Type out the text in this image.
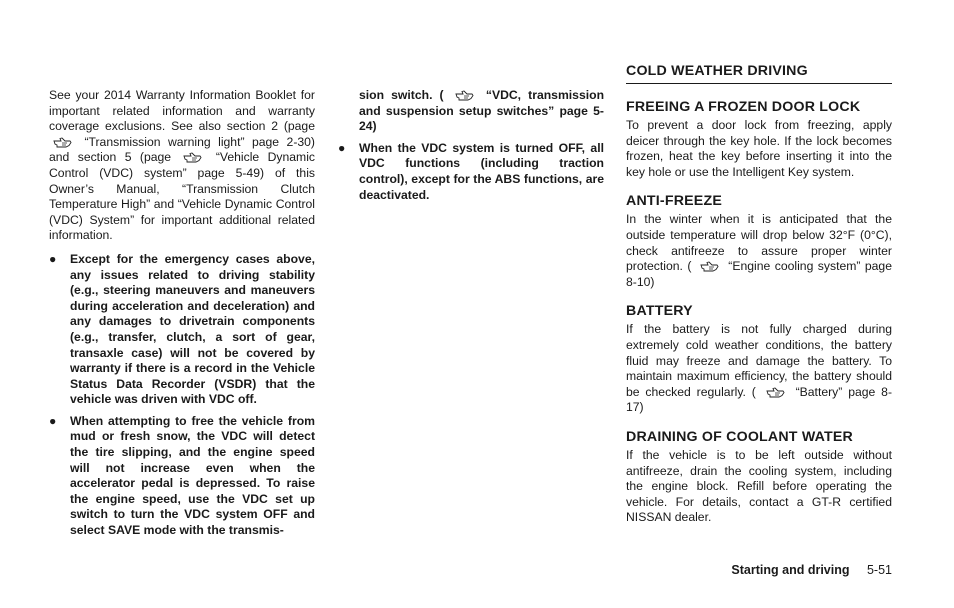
See your 2014 Warranty Information Booklet for important related information and warranty coverage exclusions. See also section 2 (page
“Transmission warning light” page 2-30) and section 5 (page	“Vehicle Dynamic Control (VDC) system” page 5-49) of this Owner’s Manual, “Transmission Clutch Temperature High” and “Vehicle Dynamic Control (VDC) System” for important additional related information.

● Except for the emergency cases above, any issues related to driving stability (e.g., steering maneuvers and maneuvers during acceleration and deceleration) and any damages to drivetrain components (e.g., transfer, clutch, a sort of gear, transaxle case) will not be covered by warranty if there is a record in the Vehicle Status Data Recorder (VSDR) that the vehicle was driven with VDC off.
● When attempting to free the vehicle from mud or fresh snow, the VDC will detect the tire slipping, and the engine speed will not increase even when the accelerator pedal is depressed. To raise the engine speed, use the VDC set up switch to turn the VDC system OFF and select SAVE mode with the transmis-
sion switch. (	“VDC, transmission and suspension setup switches” page 5-24)
● When the VDC system is turned OFF, all VDC functions (including traction control), except for the ABS functions, are deactivated.
COLD WEATHER DRIVING
FREEING A FROZEN DOOR LOCK

To prevent a door lock from freezing, apply deicer through the key hole. If the lock becomes frozen, heat the key before inserting it into the key hole or use the Intelligent Key system.

ANTI-FREEZE

In the winter when it is anticipated that the outside temperature will drop below 32°F (0°C), check antifreeze to assure proper winter protection. (	“Engine cooling system” page 8-10)

BATTERY

If the battery is not fully charged during extremely cold weather conditions, the battery fluid may freeze and damage the battery. To maintain maximum efficiency, the battery should be checked regularly. (	“Battery” page 8-17)

DRAINING OF COOLANT WATER

If the vehicle is to be left outside without antifreeze, drain the cooling system, including the engine block. Refill before operating the vehicle. For details, contact a GT-R certified NISSAN dealer.

Starting and driving 5-51
